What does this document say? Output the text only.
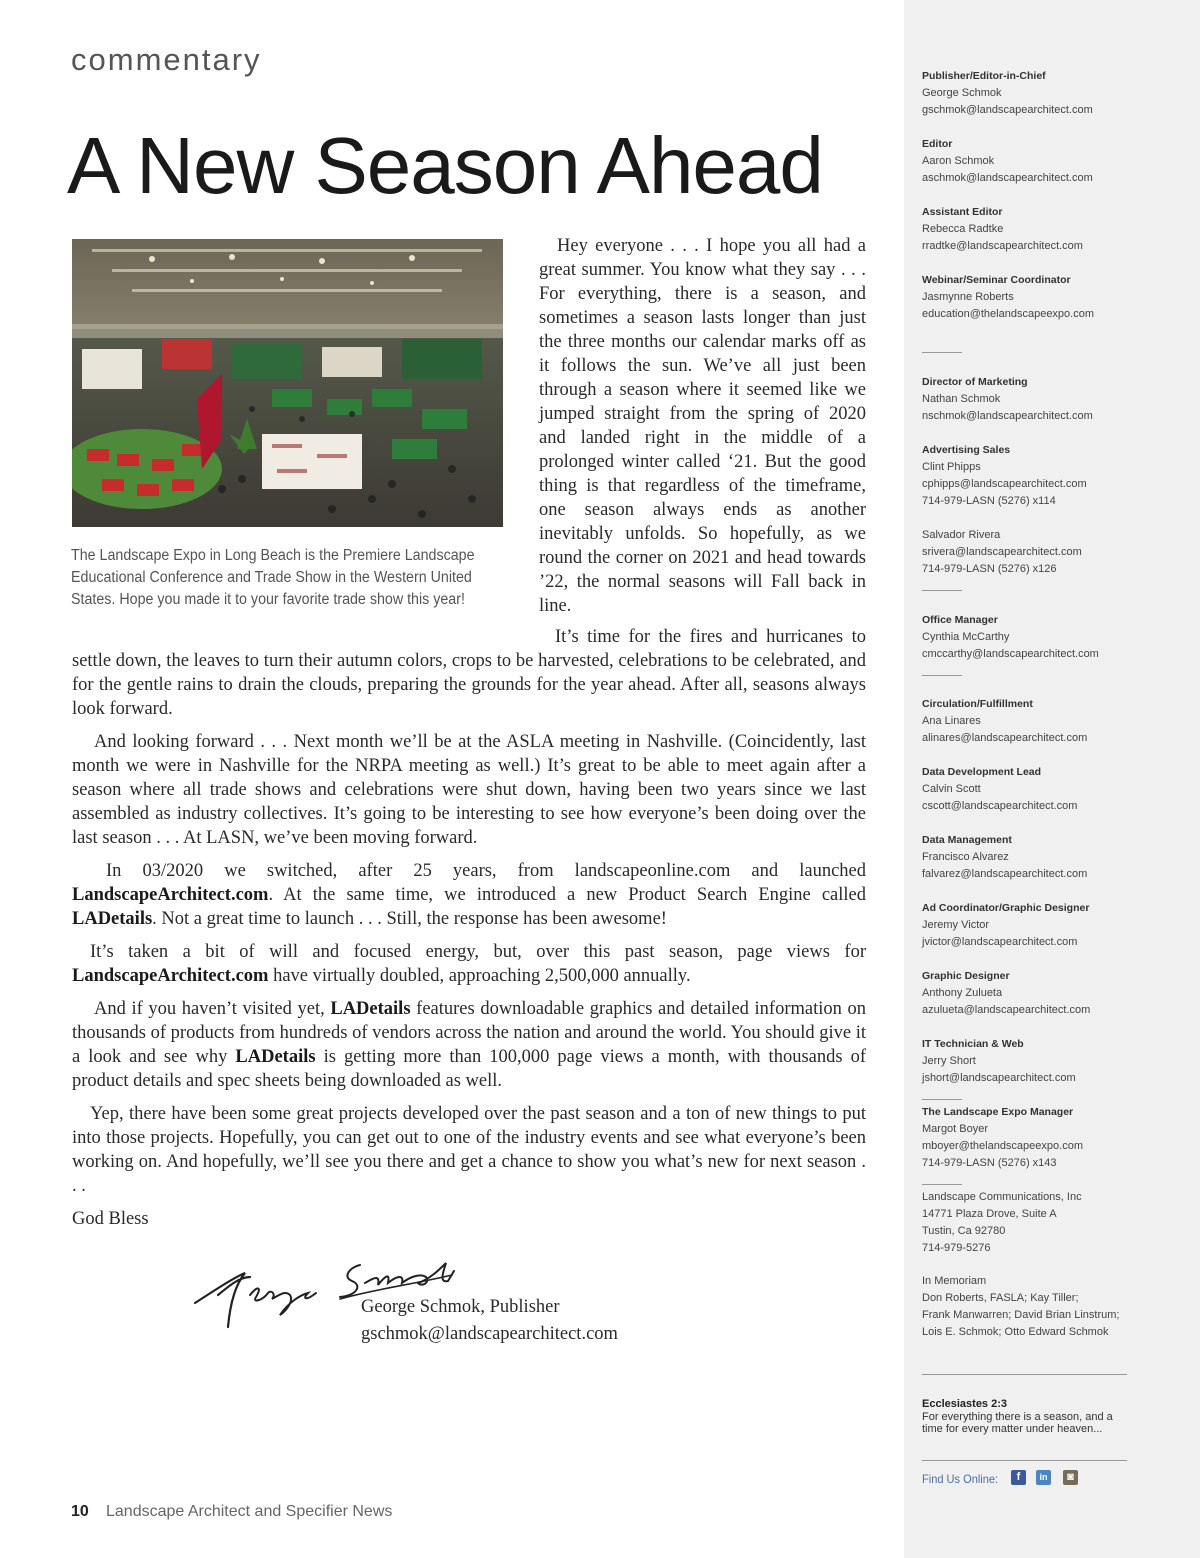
commentary
A New Season Ahead
The Landscape Expo in Long Beach is the Premiere Landscape Educational Conference and Trade Show in the Western United States. Hope you made it to your favorite trade show this year!

Hey everyone . . . I hope you all had a great summer. You know what they say . . . For everything, there is a season, and sometimes a season lasts longer than just the three months our calendar marks off as it follows the sun. We’ve all just been through a season where it seemed like we jumped straight from the spring of 2020 and landed right in the middle of a prolonged winter called ‘21. But the good thing is that regardless of the timeframe, one season always ends as another inevitably unfolds. So hopefully, as we round the corner on 2021 and head towards ’22, the normal seasons will Fall back in line.

It’s time for the fires and hurricanes to settle down, the leaves to turn their autumn colors, crops to be harvested, celebrations to be celebrated, and for the gentle rains to drain the clouds, preparing the grounds for the year ahead. After all, seasons always look forward.

And looking forward . . . Next month we’ll be at the ASLA meeting in Nashville. (Coincidently, last month we were in Nashville for the NRPA meeting as well.) It’s great to be able to meet again after a season where all trade shows and celebrations were shut down, having been two years since we last assembled as industry collectives. It’s going to be interesting to see how everyone’s been doing over the last season . . . At LASN, we’ve been moving forward.

In 03/2020 we switched, after 25 years, from landscapeonline.com and launched LandscapeArchitect.com. At the same time, we introduced a new Product Search Engine called LADetails. Not a great time to launch . . . Still, the response has been awesome!

It’s taken a bit of will and focused energy, but, over this past season, page views for LandscapeArchitect.com have virtually doubled, approaching 2,500,000 annually.

And if you haven’t visited yet, LADetails features downloadable graphics and detailed information on thousands of products from hundreds of vendors across the nation and around the world. You should give it a look and see why LADetails is getting more than 100,000 page views a month, with thousands of product details and spec sheets being downloaded as well.

Yep, there have been some great projects developed over the past season and a ton of new things to put into those projects. Hopefully, you can get out to one of the industry events and see what everyone’s been working on. And hopefully, we’ll see you there and get a chance to show you what’s new for next season . . .

God Bless

George Schmok, Publisher
gschmok@landscapearchitect.com
10 Landscape Architect and Specifier News
Publisher/Editor-in-Chief
George Schmok
gschmok@landscapearchitect.com
Editor
Aaron Schmok
aschmok@landscapearchitect.com
Assistant Editor
Rebecca Radtke
rradtke@landscapearchitect.com
Webinar/Seminar Coordinator
Jasmynne Roberts
education@thelandscapeexpo.com
Director of Marketing
Nathan Schmok
nschmok@landscapearchitect.com
Advertising Sales
Clint Phipps
cphipps@landscapearchitect.com
714-979-LASN (5276) x114
Salvador Rivera
srivera@landscapearchitect.com
714-979-LASN (5276) x126
Office Manager
Cynthia McCarthy
cmccarthy@landscapearchitect.com
Circulation/Fulfillment
Ana Linares
alinares@landscapearchitect.com
Data Development Lead
Calvin Scott
cscott@landscapearchitect.com
Data Management
Francisco Alvarez
falvarez@landscapearchitect.com
Ad Coordinator/Graphic Designer
Jeremy Victor
jvictor@landscapearchitect.com
Graphic Designer
Anthony Zulueta
azulueta@landscapearchitect.com
IT Technician & Web
Jerry Short
jshort@landscapearchitect.com
The Landscape Expo Manager
Margot Boyer
mboyer@thelandscapeexpo.com
714-979-LASN (5276) x143
Landscape Communications, Inc
14771 Plaza Drove, Suite A
Tustin, Ca 92780
714-979-5276
In Memoriam
Don Roberts, FASLA; Kay Tiller;
Frank Manwarren; David Brian Linstrum;
Lois E. Schmok; Otto Edward Schmok
Ecclesiastes 2:3
For everything there is a season, and a time for every matter under heaven...
Find Us Online:	f	in	◙
